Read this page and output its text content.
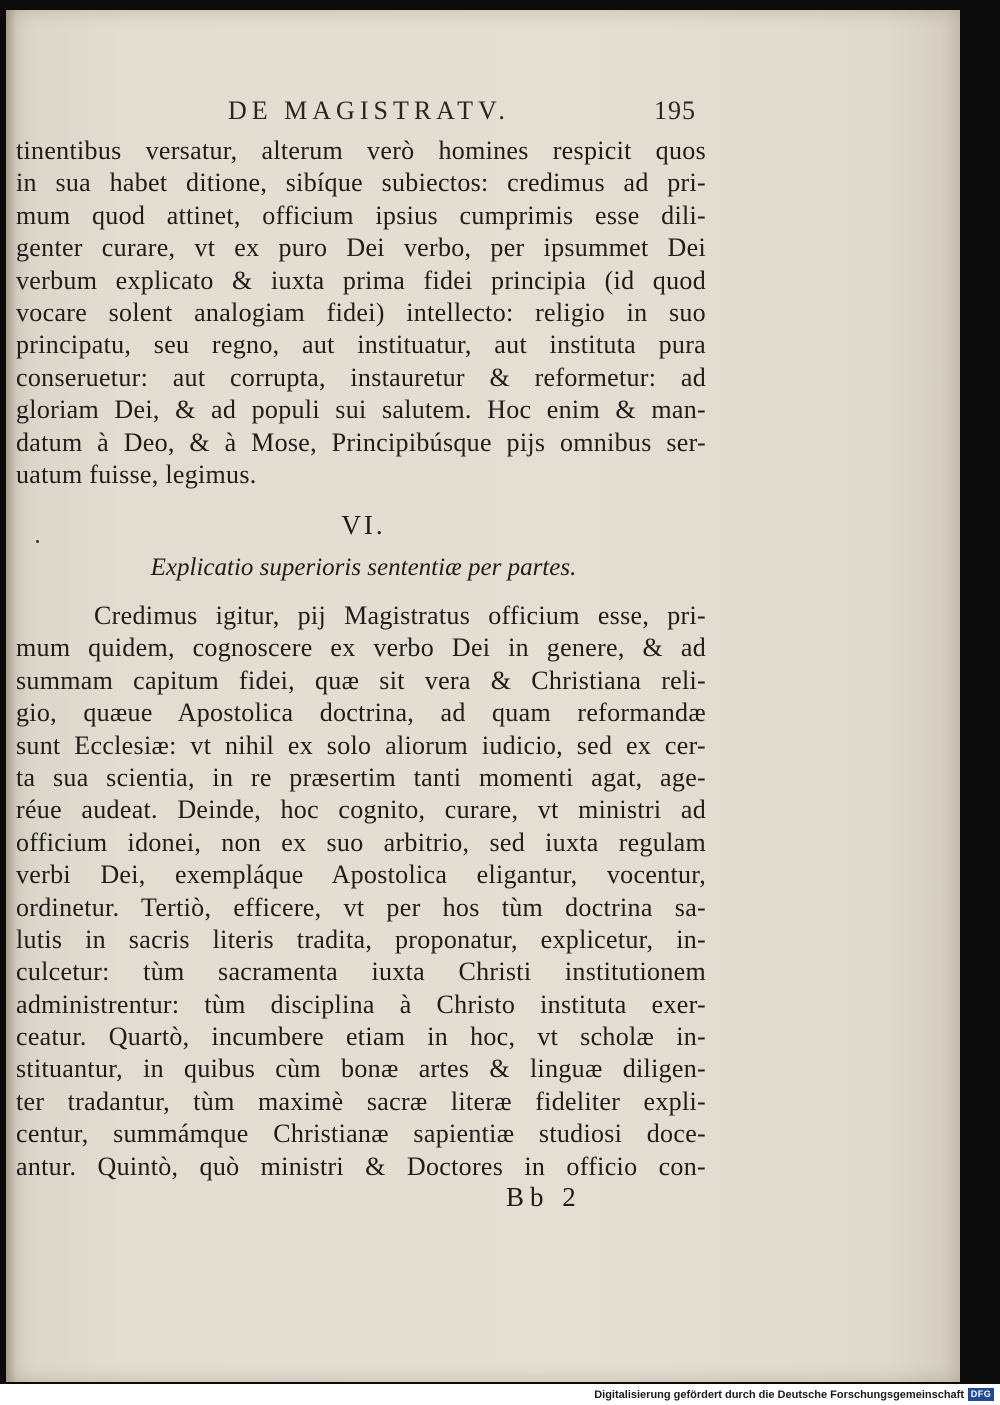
DE MAGISTRATV.	195
tinentibus versatur, alterum verò homines respicit quos
in sua habet ditione, sibíque subiectos: credimus ad pri-
mum quod attinet, officium ipsius cumprimis esse dili-
genter curare, vt ex puro Dei verbo, per ipsummet Dei
verbum explicato & iuxta prima fidei principia (id quod
vocare solent analogiam fidei) intellecto: religio in suo
principatu, seu regno, aut instituatur, aut instituta pura
conseruetur: aut corrupta, instauretur & reformetur: ad
gloriam Dei, & ad populi sui salutem. Hoc enim & man-
datum à Deo, & à Mose, Principibúsque pijs omnibus ser-
uatum fuisse, legimus.
VI.
Explicatio superioris sententiæ per partes.
Credimus igitur, pij Magistratus officium esse, pri-
mum quidem, cognoscere ex verbo Dei in genere, & ad
summam capitum fidei, quæ sit vera & Christiana reli-
gio, quæue Apostolica doctrina, ad quam reformandæ
sunt Ecclesiæ: vt nihil ex solo aliorum iudicio, sed ex cer-
ta sua scientia, in re præsertim tanti momenti agat, age-
réue audeat. Deinde, hoc cognito, curare, vt ministri ad
officium idonei, non ex suo arbitrio, sed iuxta regulam
verbi Dei, exempláque Apostolica eligantur, vocentur,
ordinetur. Tertiò, efficere, vt per hos tùm doctrina sa-
lutis in sacris literis tradita, proponatur, explicetur, in-
culcetur: tùm sacramenta iuxta Christi institutionem
administrentur: tùm disciplina à Christo instituta exer-
ceatur. Quartò, incumbere etiam in hoc, vt scholæ in-
stituantur, in quibus cùm bonæ artes & linguæ diligen-
ter tradantur, tùm maximè sacræ literæ fideliter expli-
centur, summámque Christianæ sapientiæ studiosi doce-
antur. Quintò, quò ministri & Doctores in officio con-
Bb 2
Digitalisierung gefördert durch die Deutsche Forschungsgemeinschaft DFG
